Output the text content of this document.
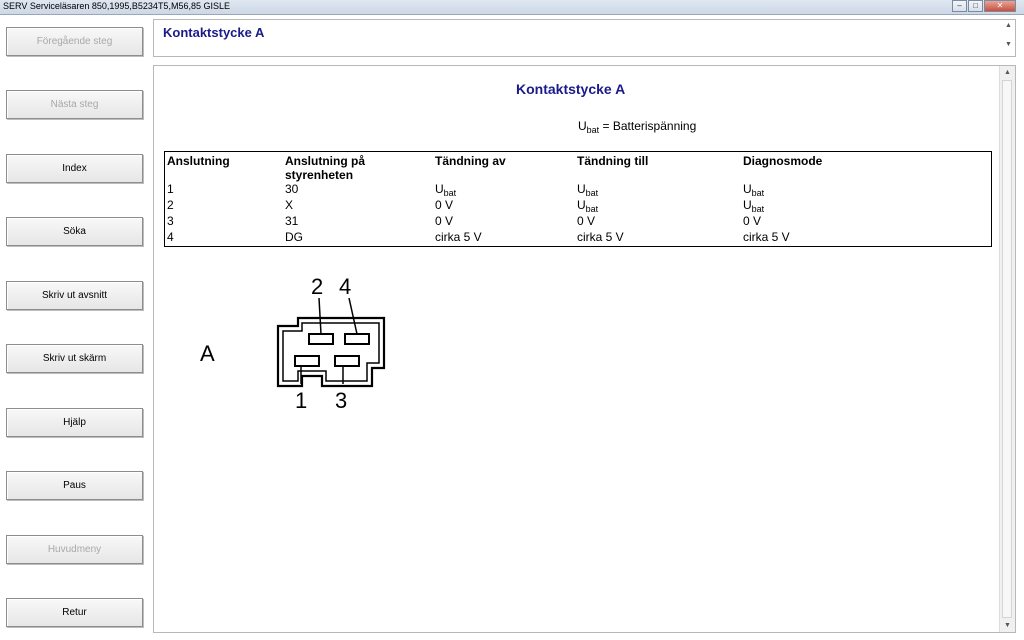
SERV Serviceläsaren 850,1995,B5234T5,M56,85 GISLE	–	□	✕
Föregående steg
Nästa steg
Index
Söka
Skriv ut avsnitt
Skriv ut skärm
Hjälp
Paus
Huvudmeny
Retur
Kontaktstycke A	▲
▼
Kontaktstycke A
$U_{bat}$ = Batterispänning
Anslutning	Anslutning på styrenheten	Tändning av	Tändning till	Diagnosmode
1	30	$U_{bat}$	$U_{bat}$	$U_{bat}$
2	X	0 V	$U_{bat}$	$U_{bat}$
3	31	0 V	0 V	0 V
4	DG	cirka 5 V	cirka 5 V	cirka 5 V
A
2 4
1 3
▲
▼
